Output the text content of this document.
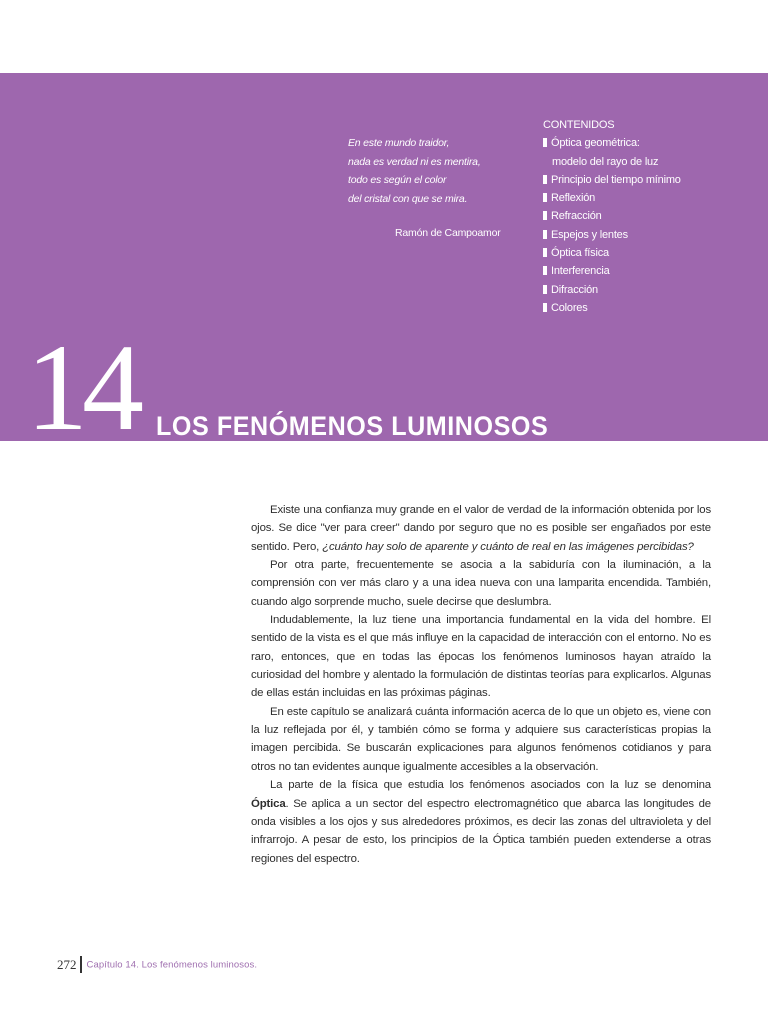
En este mundo traidor,
nada es verdad ni es mentira,
todo es según el color
del cristal con que se mira.
Ramón de Campoamor
CONTENIDOS
Óptica geométrica:
modelo del rayo de luz
Principio del tiempo mínimo
Reflexión
Refracción
Espejos y lentes
Óptica física
Interferencia
Difracción
Colores
14 LOS FENÓMENOS LUMINOSOS

Existe una confianza muy grande en el valor de verdad de la información obtenida por los ojos. Se dice "ver para creer" dando por seguro que no es posible ser engañados por este sentido. Pero, ¿cuánto hay solo de aparente y cuánto de real en las imágenes percibidas?

Por otra parte, frecuentemente se asocia a la sabiduría con la iluminación, a la comprensión con ver más claro y a una idea nueva con una lamparita encendida. También, cuando algo sorprende mucho, suele decirse que deslumbra.

Indudablemente, la luz tiene una importancia fundamental en la vida del hombre. El sentido de la vista es el que más influye en la capacidad de interacción con el entorno. No es raro, entonces, que en todas las épocas los fenómenos luminosos hayan atraído la curiosidad del hombre y alentado la formulación de distintas teorías para explicarlos. Algunas de ellas están incluidas en las próximas páginas.

En este capítulo se analizará cuánta información acerca de lo que un objeto es, viene con la luz reflejada por él, y también cómo se forma y adquiere sus características propias la imagen percibida. Se buscarán explicaciones para algunos fenómenos cotidianos y para otros no tan evidentes aunque igualmente accesibles a la observación.

La parte de la física que estudia los fenómenos asociados con la luz se denomina Óptica. Se aplica a un sector del espectro electromagnético que abarca las longitudes de onda visibles a los ojos y sus alrededores próximos, es decir las zonas del ultravioleta y del infrarrojo. A pesar de esto, los principios de la Óptica también pueden extenderse a otras regiones del espectro.

272 Capítulo 14. Los fenómenos luminosos.
